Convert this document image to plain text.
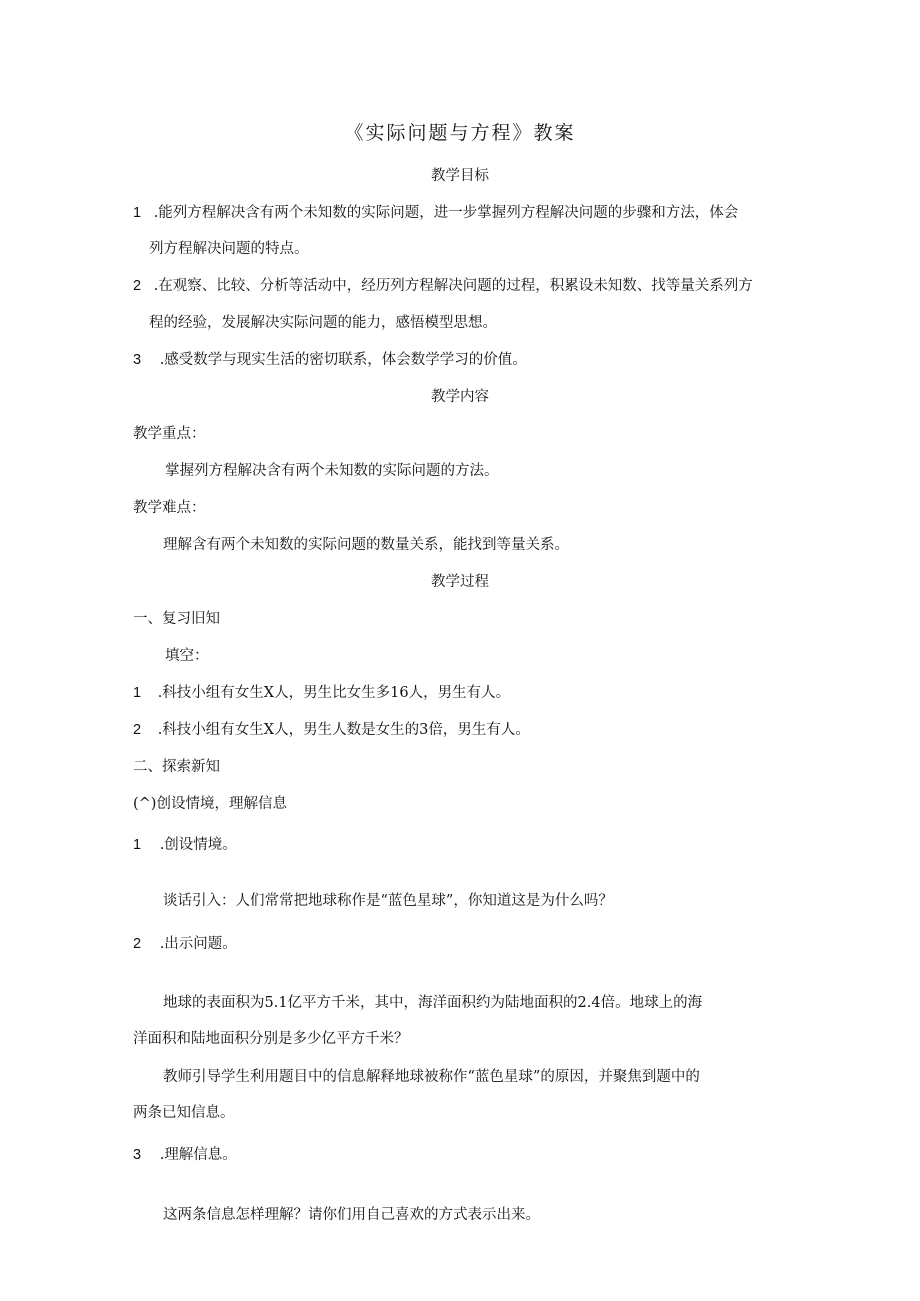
《实际问题与方程》教案
教学目标
1 .能列方程解决含有两个未知数的实际问题，进一步掌握列方程解决问题的步骤和方法，体会
列方程解决问题的特点。
2 .在观察、比较、分析等活动中，经历列方程解决问题的过程，积累设未知数、找等量关系列方
程的经验，发展解决实际问题的能力，感悟模型思想。
3 .感受数学与现实生活的密切联系，体会数学学习的价值。
教学内容
教学重点：
掌握列方程解决含有两个未知数的实际问题的方法。
教学难点：
理解含有两个未知数的实际问题的数量关系，能找到等量关系。
教学过程
一、复习旧知
填空：
1 .科技小组有女生X人，男生比女生多16人，男生有人。
2 .科技小组有女生X人，男生人数是女生的3倍，男生有人。
二、探索新知
(^)创设情境，理解信息
1 .创设情境。
谈话引入：人们常常把地球称作是“蓝色星球”，你知道这是为什么吗？
2 .出示问题。
地球的表面积为5.1亿平方千米，其中，海洋面积约为陆地面积的2.4倍。地球上的海
洋面积和陆地面积分别是多少亿平方千米？
教师引导学生利用题目中的信息解释地球被称作“蓝色星球”的原因，并聚焦到题中的
两条已知信息。
3 .理解信息。
这两条信息怎样理解？请你们用自己喜欢的方式表示出来。
